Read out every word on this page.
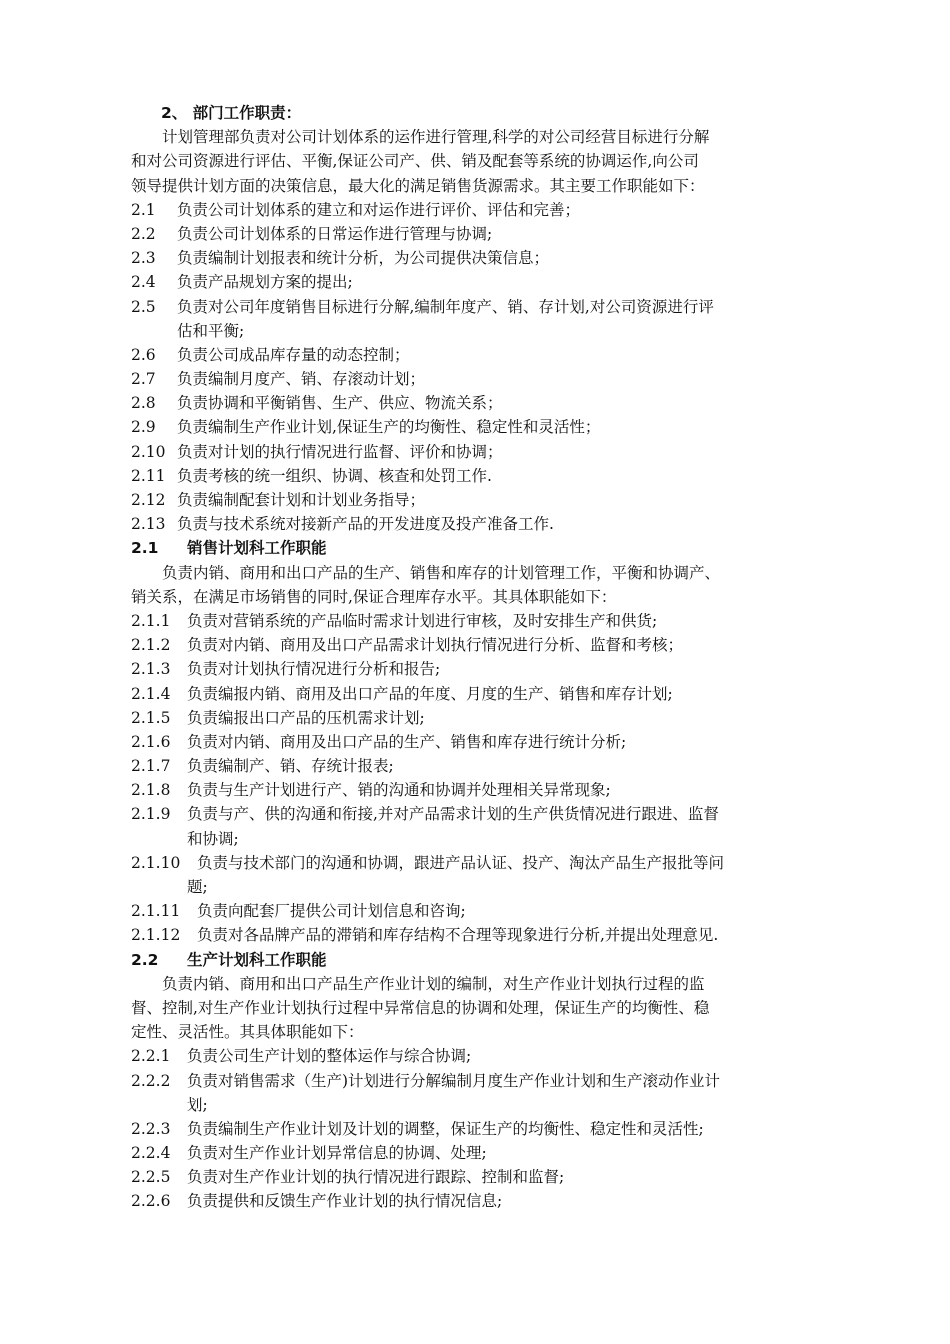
2、 部门工作职责：
计划管理部负责对公司计划体系的运作进行管理,科学的对公司经营目标进行分解
和对公司资源进行评估、平衡,保证公司产、供、销及配套等系统的协调运作,向公司
领导提供计划方面的决策信息，最大化的满足销售货源需求。其主要工作职能如下：
2.1 负责公司计划体系的建立和对运作进行评价、评估和完善；
2.2 负责公司计划体系的日常运作进行管理与协调;
2.3 负责编制计划报表和统计分析，为公司提供决策信息；
2.4 负责产品规划方案的提出;
2.5 负责对公司年度销售目标进行分解,编制年度产、销、存计划,对公司资源进行评
估和平衡;
2.6 负责公司成品库存量的动态控制；
2.7 负责编制月度产、销、存滚动计划；
2.8 负责协调和平衡销售、生产、供应、物流关系；
2.9 负责编制生产作业计划,保证生产的均衡性、稳定性和灵活性；
2.10 负责对计划的执行情况进行监督、评价和协调；
2.11 负责考核的统一组织、协调、核查和处罚工作.
2.12 负责编制配套计划和计划业务指导；
2.13 负责与技术系统对接新产品的开发进度及投产准备工作.
2.1 销售计划科工作职能
负责内销、商用和出口产品的生产、销售和库存的计划管理工作，平衡和协调产、
销关系，在满足市场销售的同时,保证合理库存水平。其具体职能如下：
2.1.1 负责对营销系统的产品临时需求计划进行审核，及时安排生产和供货;
2.1.2 负责对内销、商用及出口产品需求计划执行情况进行分析、监督和考核；
2.1.3 负责对计划执行情况进行分析和报告;
2.1.4 负责编报内销、商用及出口产品的年度、月度的生产、销售和库存计划;
2.1.5 负责编报出口产品的压机需求计划;
2.1.6 负责对内销、商用及出口产品的生产、销售和库存进行统计分析;
2.1.7 负责编制产、销、存统计报表;
2.1.8 负责与生产计划进行产、销的沟通和协调并处理相关异常现象;
2.1.9 负责与产、供的沟通和衔接,并对产品需求计划的生产供货情况进行跟进、监督
和协调;
2.1.10 负责与技术部门的沟通和协调，跟进产品认证、投产、淘汰产品生产报批等问
题;
2.1.11 负责向配套厂提供公司计划信息和咨询;
2.1.12 负责对各品牌产品的滞销和库存结构不合理等现象进行分析,并提出处理意见.
2.2 生产计划科工作职能
负责内销、商用和出口产品生产作业计划的编制，对生产作业计划执行过程的监
督、控制,对生产作业计划执行过程中异常信息的协调和处理，保证生产的均衡性、稳
定性、灵活性。其具体职能如下：
2.2.1 负责公司生产计划的整体运作与综合协调;
2.2.2 负责对销售需求（生产)计划进行分解编制月度生产作业计划和生产滚动作业计
划;
2.2.3 负责编制生产作业计划及计划的调整，保证生产的均衡性、稳定性和灵活性;
2.2.4 负责对生产作业计划异常信息的协调、处理;
2.2.5 负责对生产作业计划的执行情况进行跟踪、控制和监督;
2.2.6 负责提供和反馈生产作业计划的执行情况信息;
